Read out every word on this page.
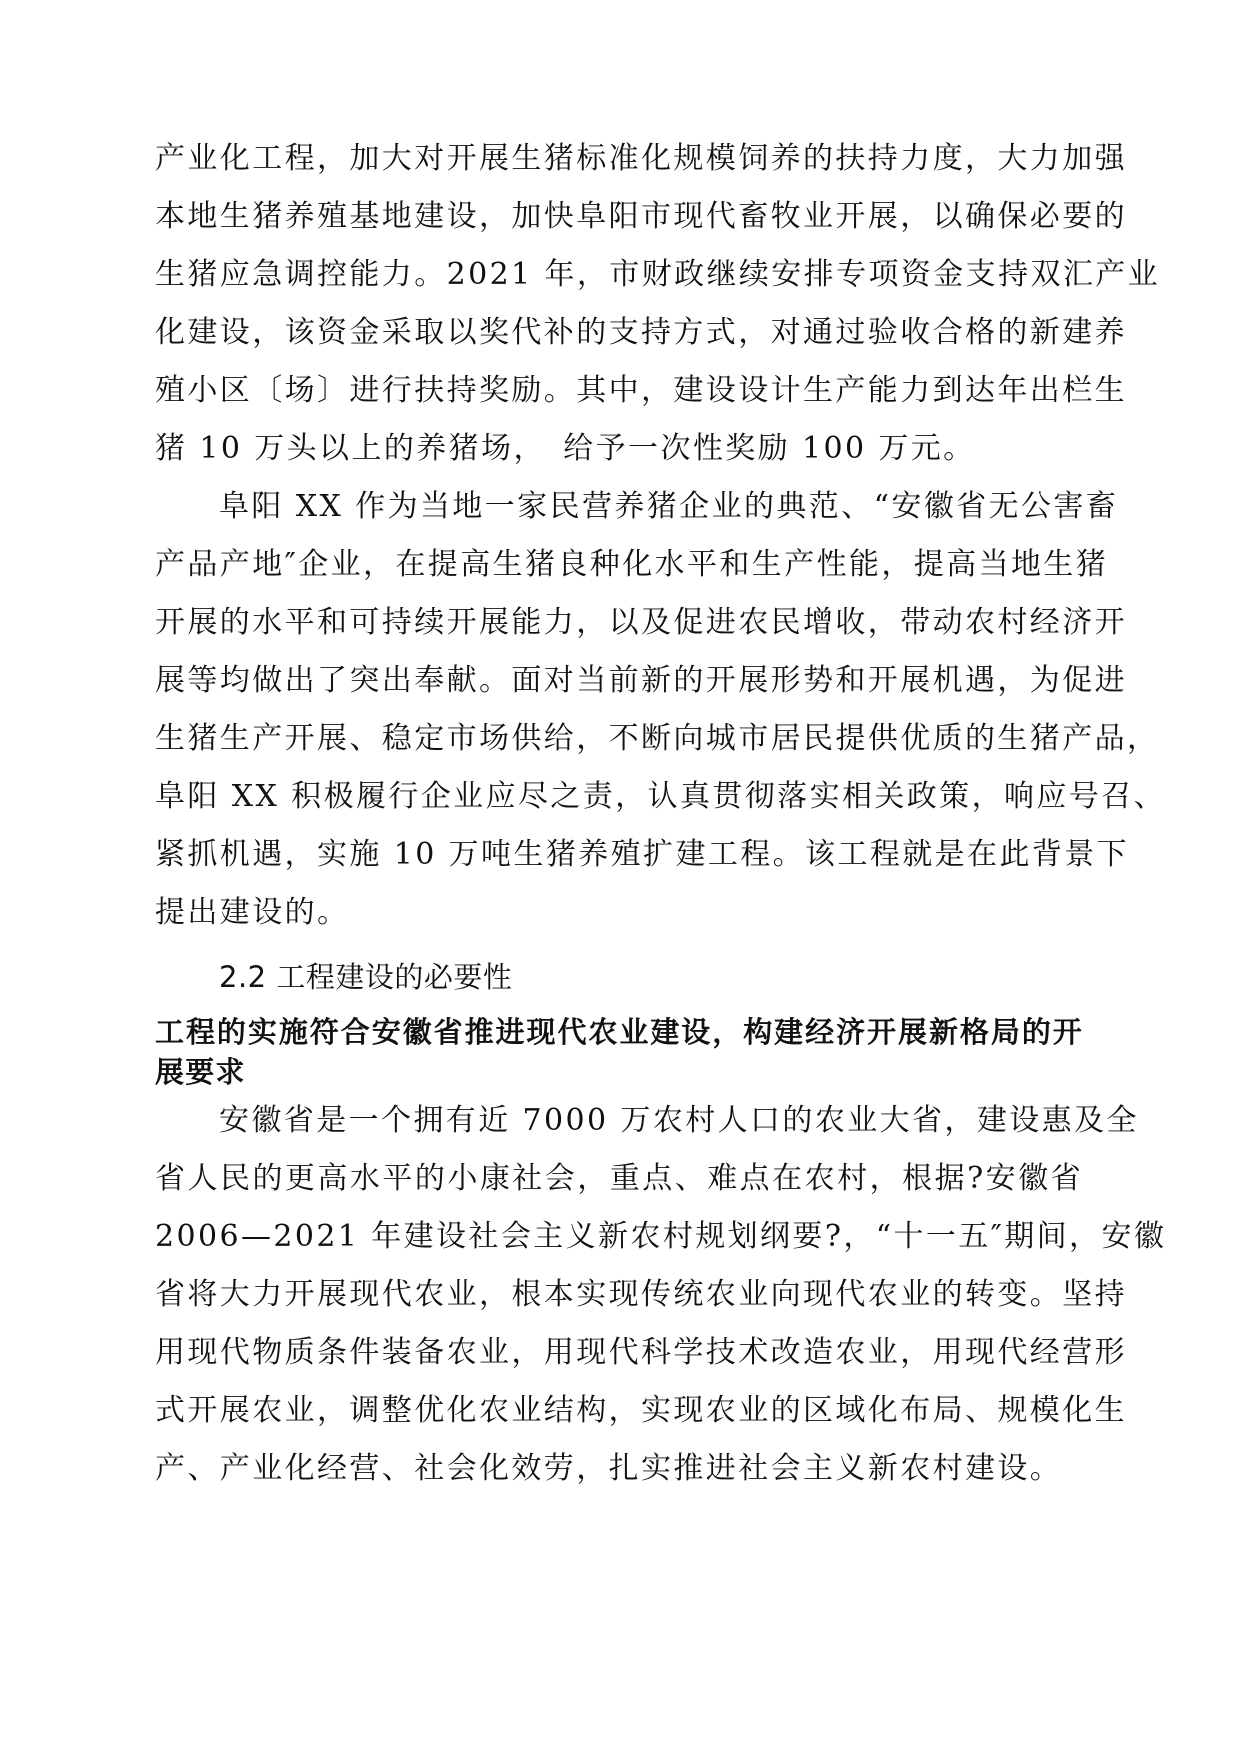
产业化工程，加大对开展生猪标准化规模饲养的扶持力度，大力加强
本地生猪养殖基地建设，加快阜阳市现代畜牧业开展，以确保必要的
生猪应急调控能力。2021 年，市财政继续安排专项资金支持双汇产业
化建设，该资金采取以奖代补的支持方式，对通过验收合格的新建养
殖小区〔场〕进行扶持奖励。其中，建设设计生产能力到达年出栏生
猪 10 万头以上的养猪场，　给予一次性奖励 100 万元。
阜阳 XX 作为当地一家民营养猪企业的典范、“安徽省无公害畜
产品产地″企业，在提高生猪良种化水平和生产性能，提高当地生猪
开展的水平和可持续开展能力，以及促进农民增收，带动农村经济开
展等均做出了突出奉献。面对当前新的开展形势和开展机遇，为促进
生猪生产开展、稳定市场供给，不断向城市居民提供优质的生猪产品，
阜阳 XX 积极履行企业应尽之责，认真贯彻落实相关政策，响应号召、
紧抓机遇，实施 10 万吨生猪养殖扩建工程。该工程就是在此背景下
提出建设的。
2.2 工程建设的必要性
工程的实施符合安徽省推进现代农业建设，构建经济开展新格局的开
展要求
安徽省是一个拥有近 7000 万农村人口的农业大省，建设惠及全
省人民的更高水平的小康社会，重点、难点在农村，根据?安徽省
2006—2021 年建设社会主义新农村规划纲要?，“十一五″期间，安徽
省将大力开展现代农业，根本实现传统农业向现代农业的转变。坚持
用现代物质条件装备农业，用现代科学技术改造农业，用现代经营形
式开展农业，调整优化农业结构，实现农业的区域化布局、规模化生
产、产业化经营、社会化效劳，扎实推进社会主义新农村建设。
